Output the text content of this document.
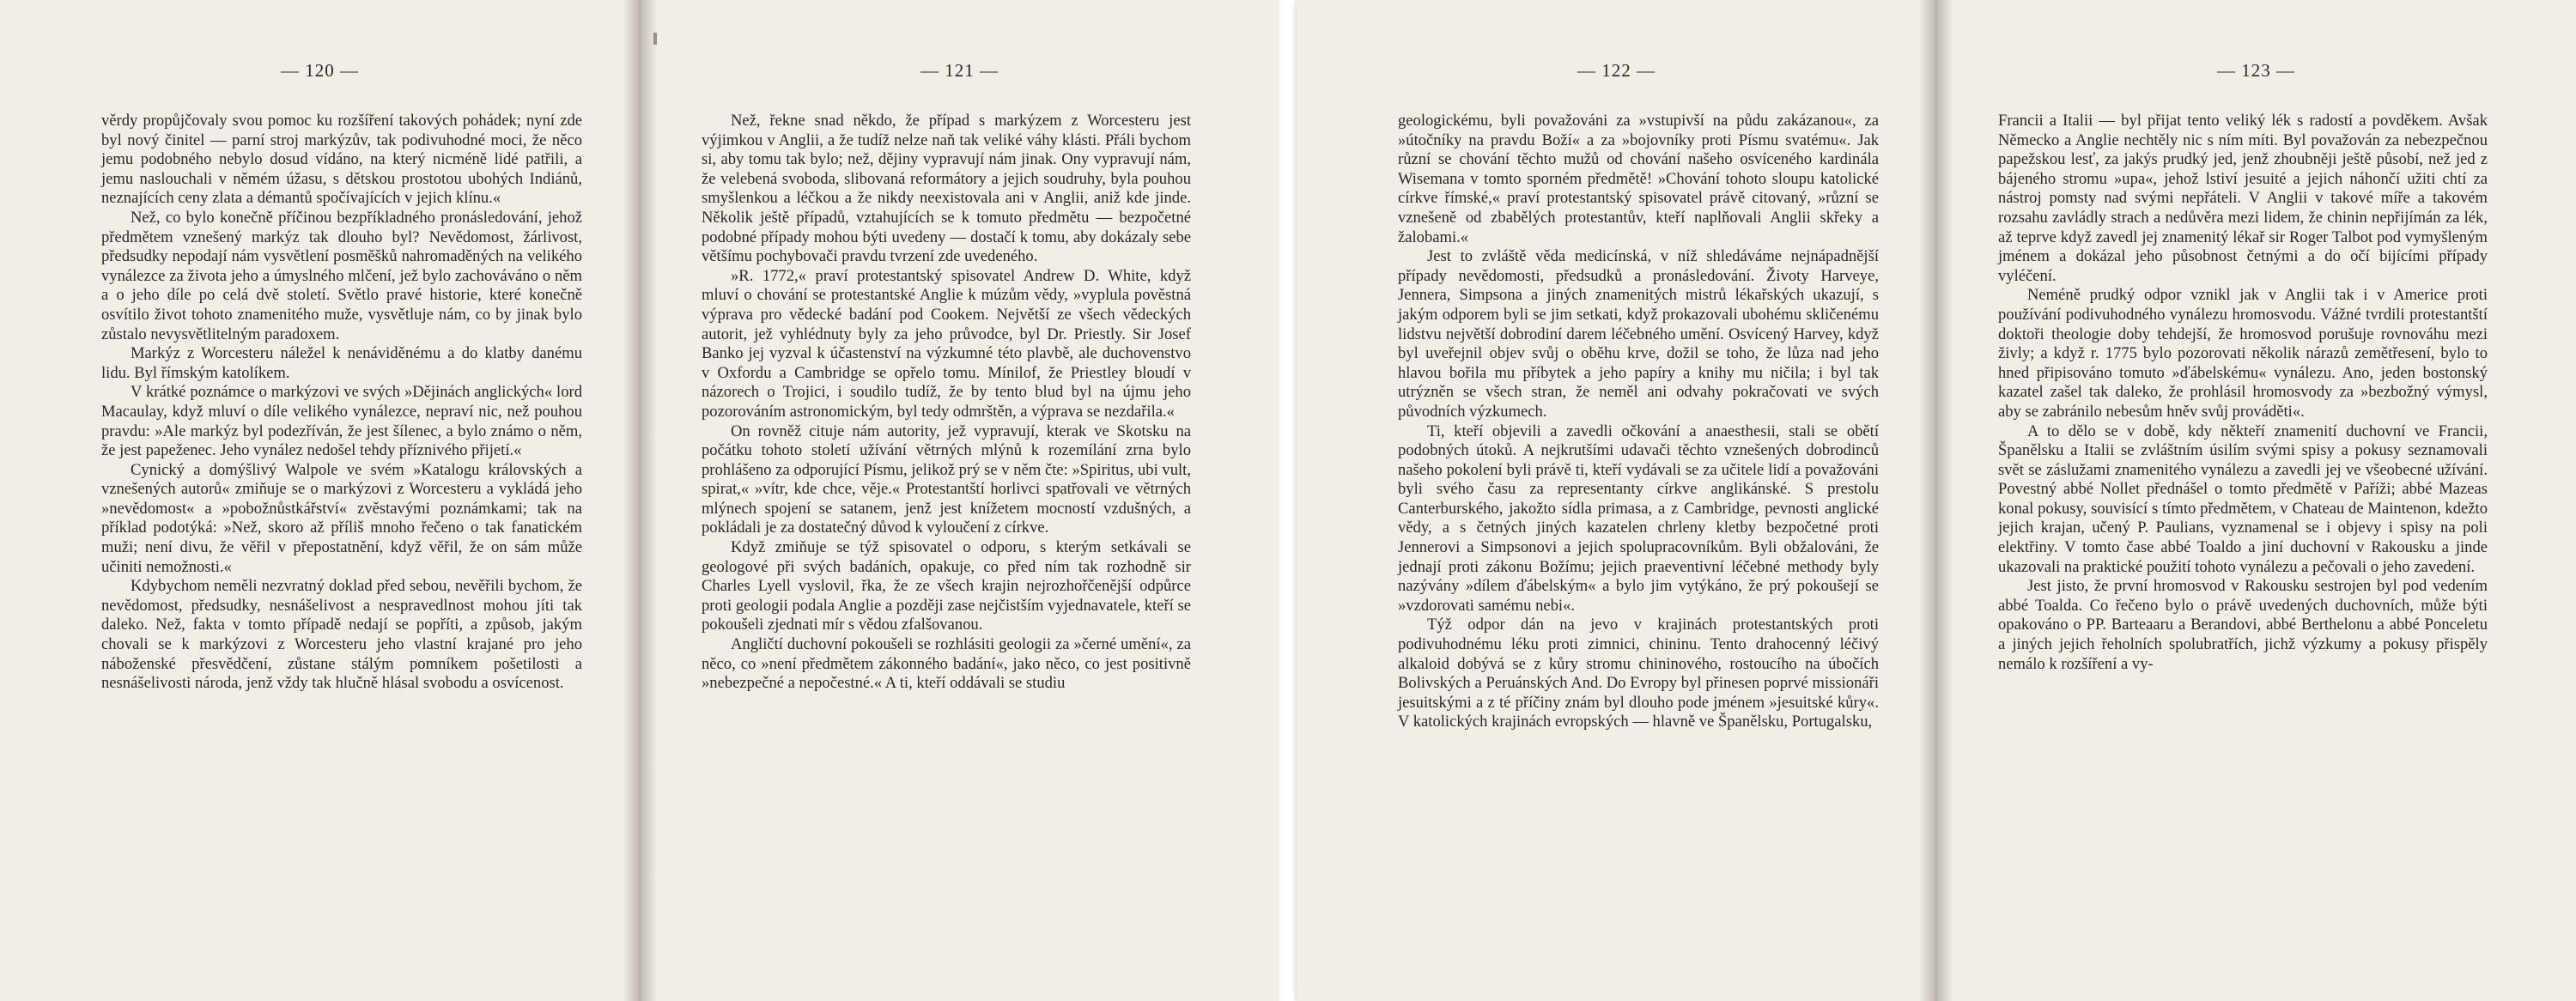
— 120 —

věrdy propůjčovaly svou pomoc ku rozšíření takových pohádek; nyní zde byl nový činitel — parní stroj markýzův, tak podivuhodné moci, že něco jemu podobného nebylo dosud vídáno, na který nicméně lidé patřili, a jemu naslouchali v němém úžasu, s dětskou prostotou ubohých Indiánů, neznajících ceny zlata a démantů spočívajících v jejich klínu.«

Než, co bylo konečně příčinou bezpříkladného pronásledování, jehož předmětem vznešený markýz tak dlouho byl? Nevědomost, žárlivost, předsudky nepodají nám vysvětlení posměšků nahromaděných na velikého vynálezce za života jeho a úmyslného mlčení, jež bylo zachováváno o něm a o jeho díle po celá dvě století. Světlo pravé historie, které konečně osvítilo život tohoto znamenitého muže, vysvětluje nám, co by jinak bylo zůstalo nevysvětlitelným paradoxem.

Markýz z Worcesteru náležel k nenáviděnému a do klatby danému lidu. Byl římským katolíkem.

V krátké poznámce o markýzovi ve svých »Dějinách anglických« lord Macaulay, když mluví o díle velikého vynálezce, nepraví nic, než pouhou pravdu: »Ale markýz byl podezříván, že jest šílenec, a bylo známo o něm, že jest papeženec. Jeho vynález nedošel tehdy příznivého přijetí.«

Cynický a domýšlivý Walpole ve svém »Katalogu královských a vznešených autorů« zmiňuje se o markýzovi z Worcesteru a vykládá jeho »nevědomost« a »pobožnůstkářství« zvěstavými poznámkami; tak na příklad podotýká: »Než, skoro až příliš mnoho řečeno o tak fanatickém muži; není divu, že věřil v přepostatnění, když věřil, že on sám může učiniti nemožnosti.«

Kdybychom neměli nezvratný doklad před sebou, nevěřili bychom, že nevědomost, předsudky, nesnášelivost a nespravedlnost mohou jíti tak daleko. Než, fakta v tomto případě nedají se popříti, a způsob, jakým chovali se k markýzovi z Worcesteru jeho vlastní krajané pro jeho náboženské přesvědčení, zůstane stálým pomníkem pošetilosti a nesnášelivosti národa, jenž vždy tak hlučně hlásal svobodu a osvícenost.

— 121 —

Než, řekne snad někdo, že případ s markýzem z Worcesteru jest výjimkou v Anglii, a že tudíž nelze naň tak veliké váhy klásti. Přáli bychom si, aby tomu tak bylo; než, dějiny vypravují nám jinak. Ony vypravují nám, že velebená svoboda, slibovaná reformátory a jejich soudruhy, byla pouhou smyšlenkou a léčkou a že nikdy neexistovala ani v Anglii, aniž kde jinde. Několik ještě případů, vztahujících se k tomuto předmětu — bezpočetné podobné případy mohou býti uvedeny — dostačí k tomu, aby dokázaly sebe většímu pochybovači pravdu tvrzení zde uvedeného.

»R. 1772,« praví protestantský spisovatel Andrew D. White, když mluví o chování se protestantské Anglie k múzům vědy, »vyplula pověstná výprava pro vědecké badání pod Cookem. Největší ze všech vědeckých autorit, jež vyhlédnuty byly za jeho průvodce, byl Dr. Priestly. Sir Josef Banko jej vyzval k účastenství na výzkumné této plavbě, ale duchovenstvo v Oxfordu a Cambridge se opřelo tomu. Mínilof, že Priestley bloudí v názorech o Trojici, i soudilo tudíž, že by tento blud byl na újmu jeho pozorováním astronomickým, byl tedy odmrštěn, a výprava se nezdařila.«

On rovněž cituje nám autority, jež vypravují, kterak ve Skotsku na počátku tohoto století užívání větrných mlýnů k rozemílání zrna bylo prohlášeno za odporující Písmu, jelikož prý se v něm čte: »Spiritus, ubi vult, spirat,« »vítr, kde chce, věje.« Protestantští horlivci spatřovali ve větrných mlýnech spojení se satanem, jenž jest knížetem mocností vzdušných, a pokládali je za dostatečný důvod k vyloučení z církve.

Když zmiňuje se týž spisovatel o odporu, s kterým setkávali se geologové při svých badáních, opakuje, co před ním tak rozhodně sir Charles Lyell vyslovil, řka, že ze všech krajin nejrozhořčenější odpůrce proti geologii podala Anglie a později zase nejčistším vyjednavatele, kteří se pokoušeli zjednati mír s vědou zfalšovanou.

Angličtí duchovní pokoušeli se rozhlásiti geologii za »černé umění«, za něco, co »není předmětem zákonného badání«, jako něco, co jest positivně »nebezpečné a nepočestné.« A ti, kteří oddávali se studiu

— 122 —

geologickému, byli považováni za »vstupivší na půdu zakázanou«, za »útočníky na pravdu Boží« a za »bojovníky proti Písmu svatému«. Jak různí se chování těchto mužů od chování našeho osvíceného kardinála Wisemana v tomto sporném předmětě! »Chování tohoto sloupu katolické církve římské,« praví protestantský spisovatel právě citovaný, »různí se vznešeně od zbabělých protestantův, kteří naplňovali Anglii skřeky a žalobami.«

Jest to zvláště věda medicínská, v níž shledáváme nejnápadnější případy nevědomosti, předsudků a pronásledování. Životy Harveye, Jennera, Simpsona a jiných znamenitých mistrů lékařských ukazují, s jakým odporem byli se jim setkati, když prokazovali ubohému skličenému lidstvu největší dobrodiní darem léčebného umění. Osvícený Harvey, když byl uveřejnil objev svůj o oběhu krve, dožil se toho, že lůza nad jeho hlavou bořila mu příbytek a jeho papíry a knihy mu ničila; i byl tak utrýzněn se všech stran, že neměl ani odvahy pokračovati ve svých původních výzkumech.

Ti, kteří objevili a zavedli očkování a anaesthesii, stali se obětí podobných útoků. A nejkrutšími udavači těchto vznešených dobrodinců našeho pokolení byli právě ti, kteří vydávali se za učitele lidí a považováni byli svého času za representanty církve anglikánské. S prestolu Canterburského, jakožto sídla primasa, a z Cambridge, pevnosti anglické vědy, a s četných jiných kazatelen chrleny kletby bezpočetné proti Jennerovi a Simpsonovi a jejich spolupracovníkům. Byli obžalováni, že jednají proti zákonu Božímu; jejich praeventivní léčebné methody byly nazývány »dílem ďábelským« a bylo jim vytýkáno, že prý pokoušejí se »vzdorovati samému nebi«.

Týž odpor dán na jevo v krajinách protestantských proti podivuhodnému léku proti zimnici, chininu. Tento drahocenný léčivý alkaloid dobývá se z kůry stromu chininového, rostoucího na úbočích Bolivských a Peruánských And. Do Evropy byl přinesen poprvé missionáři jesuitskými a z té příčiny znám byl dlouho pode jménem »jesuitské kůry«. V katolických krajinách evropských — hlavně ve Španělsku, Portugalsku,

— 123 —

Francii a Italii — byl přijat tento veliký lék s radostí a povděkem. Avšak Německo a Anglie nechtěly nic s ním míti. Byl považován za nebezpečnou papežskou lesť, za jakýs prudký jed, jenž zhoubněji ještě působí, než jed z bájeného stromu »upa«, jehož lstiví jesuité a jejich náhončí užiti chtí za nástroj pomsty nad svými nepřáteli. V Anglii v takové míře a takovém rozsahu zavládly strach a nedůvěra mezi lidem, že chinin nepřijímán za lék, až teprve když zavedl jej znamenitý lékař sir Roger Talbot pod vymyšleným jménem a dokázal jeho působnost četnými a do očí bijícími případy vyléčení.

Neméně prudký odpor vznikl jak v Anglii tak i v Americe proti používání podivuhodného vynálezu hromosvodu. Vážné tvrdili protestantští doktoři theologie doby tehdejší, že hromosvod porušuje rovnováhu mezi živly; a když r. 1775 bylo pozorovati několik nárazů zemětřesení, bylo to hned připisováno tomuto »ďábelskému« vynálezu. Ano, jeden bostonský kazatel zašel tak daleko, že prohlásil hromosvody za »bezbožný výmysl, aby se zabránilo nebesům hněv svůj prováděti«.

A to dělo se v době, kdy někteří znamenití duchovní ve Francii, Španělsku a Italii se zvláštním úsilím svými spisy a pokusy seznamovali svět se záslužami znamenitého vynálezu a zavedli jej ve všeobecné užívání. Povestný abbé Nollet přednášel o tomto předmětě v Paříži; abbé Mazeas konal pokusy, souvisící s tímto předmětem, v Chateau de Maintenon, kdežto jejich krajan, učený P. Paulians, vyznamenal se i objevy i spisy na poli elektřiny. V tomto čase abbé Toaldo a jiní duchovní v Rakousku a jinde ukazovali na praktické použití tohoto vynálezu a pečovali o jeho zavedení.

Jest jisto, že první hromosvod v Rakousku sestrojen byl pod vedením abbé Toalda. Co řečeno bylo o právě uvedených duchovních, může býti opakováno o PP. Barteaaru a Berandovi, abbé Berthelonu a abbé Ponceletu a jiných jejich řeholních spolubratřích, jichž výzkumy a pokusy přispěly nemálo k rozšíření a vy-
